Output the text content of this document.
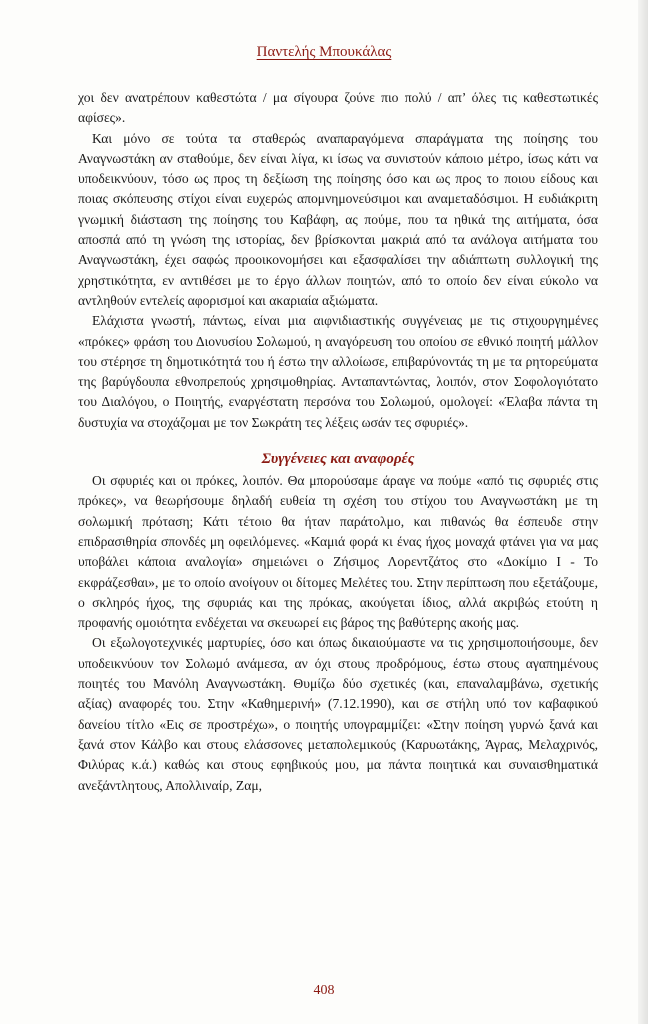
Παντελής Μπουκάλας

χοι δεν ανατρέπουν καθεστώτα / μα σίγουρα ζούνε πιο πολύ / απ’ όλες τις καθεστωτικές αφίσες».

Και μόνο σε τούτα τα σταθερώς αναπαραγόμενα σπαράγματα της ποίησης του Αναγνωστάκη αν σταθούμε, δεν είναι λίγα, κι ίσως να συνιστούν κάποιο μέτρο, ίσως κάτι να υποδεικνύουν, τόσο ως προς τη δεξίωση της ποίησης όσο και ως προς το ποιου είδους και ποιας σκόπευσης στίχοι είναι ευχερώς απομνημονεύσιμοι και αναμεταδόσιμοι. Η ευδιάκριτη γνωμική διάσταση της ποίησης του Καβάφη, ας πούμε, που τα ηθικά της αιτήματα, όσα αποσπά από τη γνώση της ιστορίας, δεν βρίσκονται μακριά από τα ανάλογα αιτήματα του Αναγνωστάκη, έχει σαφώς προοικονομήσει και εξασφαλίσει την αδιάπτωτη συλλογική της χρηστικότητα, εν αντιθέσει με το έργο άλλων ποιητών, από το οποίο δεν είναι εύκολο να αντληθούν εντελείς αφορισμοί και ακαριαία αξιώματα.

Ελάχιστα γνωστή, πάντως, είναι μια αιφνιδιαστικής συγγένειας με τις στιχουργημένες «πρόκες» φράση του Διονυσίου Σολωμού, η αναγόρευση του οποίου σε εθνικό ποιητή μάλλον του στέρησε τη δημοτικότητά του ή έστω την αλλοίωσε, επιβαρύνοντάς τη με τα ρητορεύματα της βαρύγδουπα εθνοπρεπούς χρησιμοθηρίας. Ανταπαντώντας, λοιπόν, στον Σοφολογιότατο του Διαλόγου, ο Ποιητής, εναργέστατη περσόνα του Σολωμού, ομολογεί: «Έλαβα πάντα τη δυστυχία να στοχάζομαι με τον Σωκράτη τες λέξεις ωσάν τες σφυριές».

Συγγένειες και αναφορές

Οι σφυριές και οι πρόκες, λοιπόν. Θα μπορούσαμε άραγε να πούμε «από τις σφυριές στις πρόκες», να θεωρήσουμε δηλαδή ευθεία τη σχέση του στίχου του Αναγνωστάκη με τη σολωμική πρόταση; Κάτι τέτοιο θα ήταν παράτολμο, και πιθανώς θα έσπευδε στην επιδρασιθηρία σπονδές μη οφειλόμενες. «Καμιά φορά κι ένας ήχος μοναχά φτάνει για να μας υποβάλει κάποια αναλογία» σημειώνει ο Ζήσιμος Λορεντζάτος στο «Δοκίμιο Ι - Το εκφράζεσθαι», με το οποίο ανοίγουν οι δίτομες Μελέτες του. Στην περίπτωση που εξετάζουμε, ο σκληρός ήχος, της σφυριάς και της πρόκας, ακούγεται ίδιος, αλλά ακριβώς ετούτη η προφανής ομοιότητα ενδέχεται να σκευωρεί εις βάρος της βαθύτερης ακοής μας.

Οι εξωλογοτεχνικές μαρτυρίες, όσο και όπως δικαιούμαστε να τις χρησιμοποιήσουμε, δεν υποδεικνύουν τον Σολωμό ανάμεσα, αν όχι στους προδρόμους, έστω στους αγαπημένους ποιητές του Μανόλη Αναγνωστάκη. Θυμίζω δύο σχετικές (και, επαναλαμβάνω, σχετικής αξίας) αναφορές του. Στην «Καθημερινή» (7.12.1990), και σε στήλη υπό τον καβαφικού δανείου τίτλο «Εις σε προστρέχω», ο ποιητής υπογραμμίζει: «Στην ποίηση γυρνώ ξανά και ξανά στον Κάλβο και στους ελάσσονες μεταπολεμικούς (Καρυωτάκης, Άγρας, Μελαχρινός, Φιλύρας κ.ά.) καθώς και στους εφηβικούς μου, μα πάντα ποιητικά και συναισθηματικά ανεξάντλητους, Απολλιναίρ, Ζαμ,

408
